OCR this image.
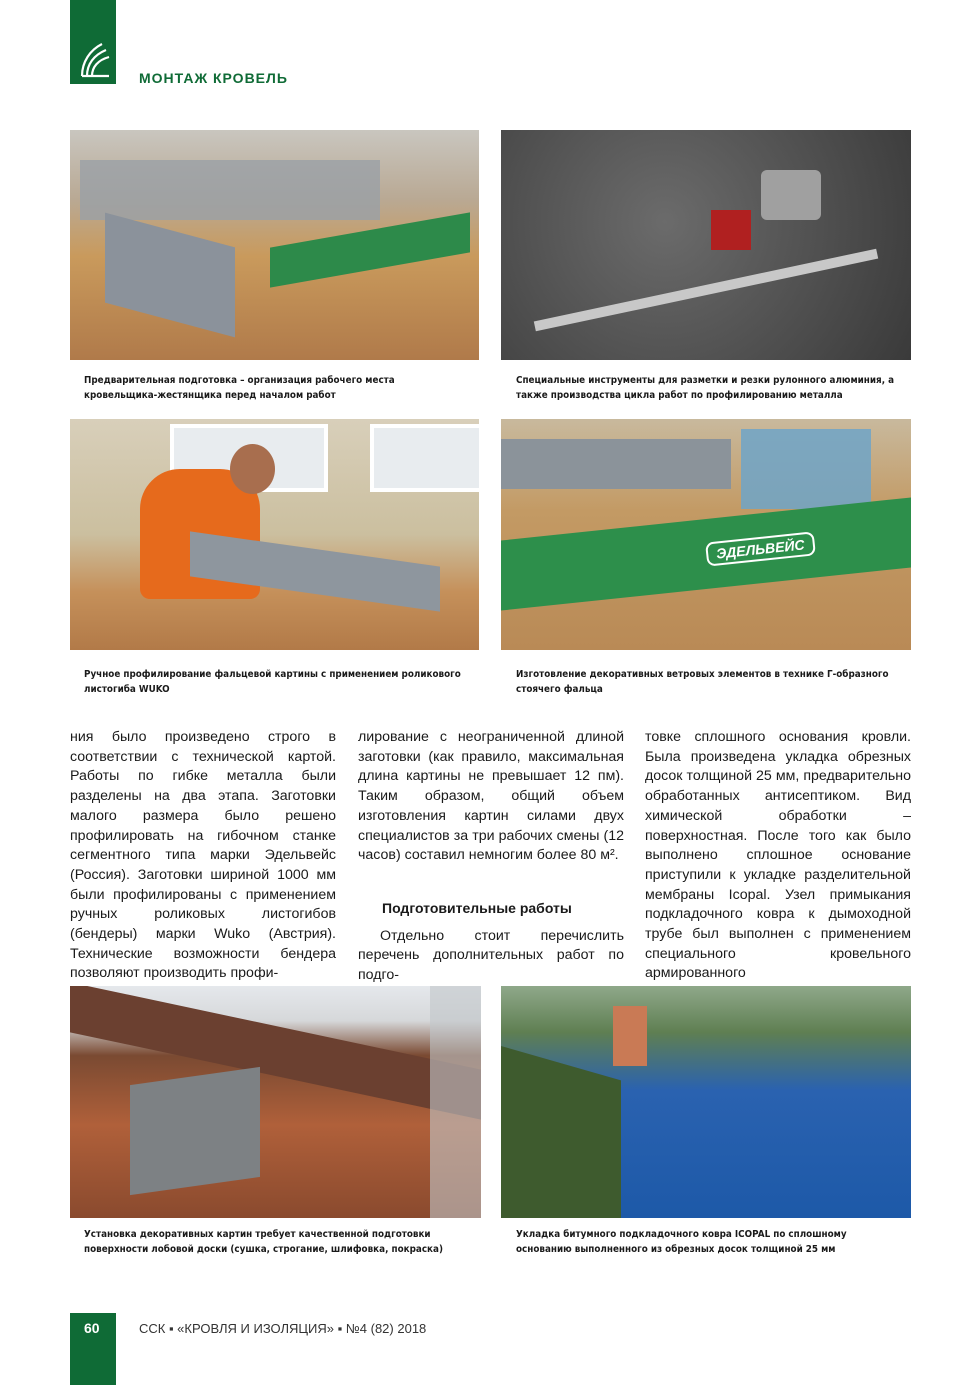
МОНТАЖ КРОВЕЛЬ
Предварительная подготовка – организация рабочего места кровельщика-жестянщика перед началом работ
Специальные инструменты для разметки и резки рулонного алюминия, а также производства цикла работ по профилированию металла
ЭДЕЛЬВЕЙС
Ручное профилирование фальцевой картины с применением роликового листогиба WUKO
Изготовление декоративных ветровых элементов в технике Г-образного стоячего фальца

ния было произведено строго в соответствии с технической картой. Работы по гибке металла были разделены на два этапа. Заготовки малого размера было решено профилировать на гибочном станке сегментного типа марки Эдельвейс (Россия). Заготовки шириной 1000 мм были профилированы с применением ручных роликовых листогибов (бендеры) марки Wuko (Австрия). Технические возможности бендера позволяют производить профи-

лирование с неограниченной длиной заготовки (как правило, максимальная длина картины не превышает 12 пм). Таким образом, общий объем изготовления картин силами двух специалистов за три рабочих смены (12 часов) составил немногим более 80 м².

Подготовительные работы

Отдельно стоит перечислить перечень дополнительных работ по подго-

товке сплошного основания кровли. Была произведена укладка обрезных досок толщиной 25 мм, предварительно обработанных антисептиком. Вид химической обработки – поверхностная. После того как было выполнено сплошное основание приступили к укладке разделительной мембраны Icopal. Узел примыкания подкладочного ковра к дымоходной трубе был выполнен с применением специального кровельного армированного

Установка декоративных картин требует качественной подготовки поверхности лобовой доски (сушка, строгание, шлифовка, покраска)
Укладка битумного подкладочного ковра ICOPAL по сплошному основанию выполненного из обрезных досок толщиной 25 мм
60	ССК ▪ «КРОВЛЯ И ИЗОЛЯЦИЯ» ▪ №4 (82) 2018
